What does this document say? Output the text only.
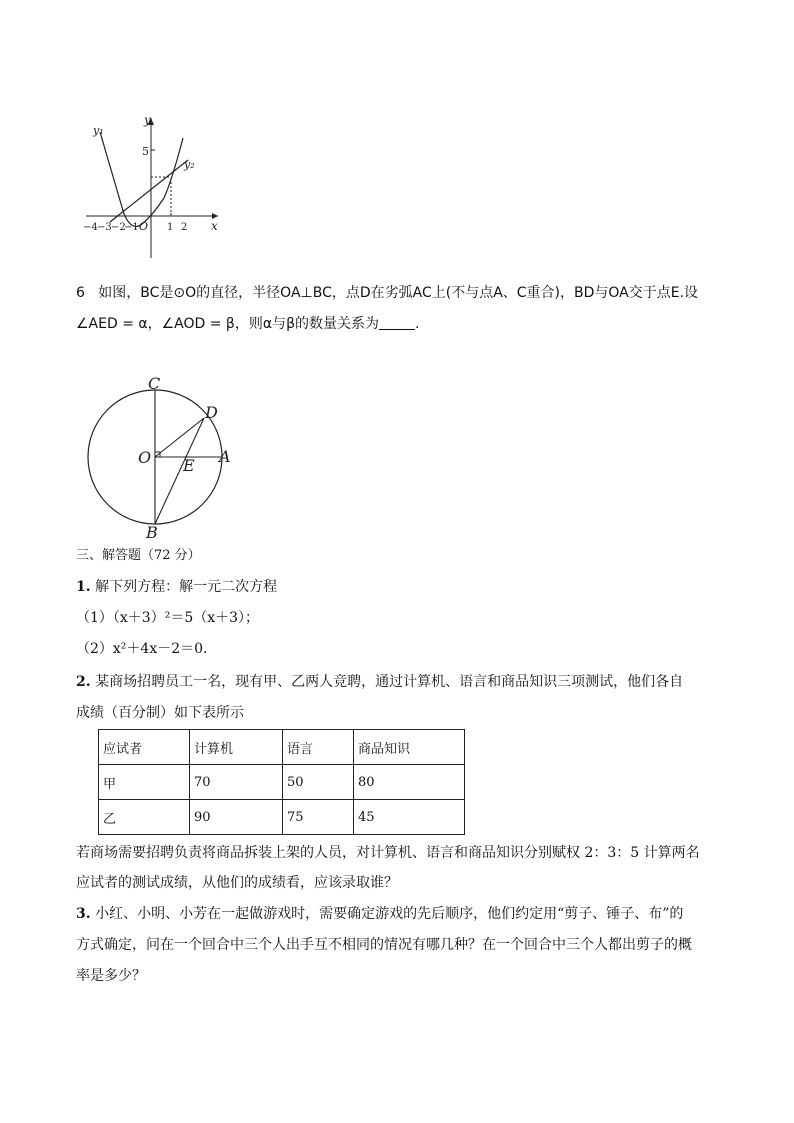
y₁
y₂
y
x
5
−4 −3 −2
−1 O 1 2
6 如图，BC是⊙O的直径，半径OA⊥BC，点D在劣弧AC上(不与点A、C重合)，BD与OA交于点E.设
∠AED = α，∠AOD = β，则α与β的数量关系为	.
C
D
O E A
B
三、解答题（72 分）
1. 解下列方程：解一元二次方程
（1）（x＋3）²＝5（x＋3）；
（2）x²＋4x－2＝0．
2. 某商场招聘员工一名，现有甲、乙两人竞聘，通过计算机、语言和商品知识三项测试，他们各自
成绩（百分制）如下表所示
应试者	计算机	语言	商品知识
甲	70	50	80
乙	90	75	45
若商场需要招聘负责将商品拆装上架的人员，对计算机、语言和商品知识分别赋权 2：3：5 计算两名
应试者的测试成绩，从他们的成绩看，应该录取谁？
3. 小红、小明、小芳在一起做游戏时，需要确定游戏的先后顺序，他们约定用“剪子、锤子、布”的
方式确定，问在一个回合中三个人出手互不相同的情况有哪几种？在一个回合中三个人都出剪子的概
率是多少？
